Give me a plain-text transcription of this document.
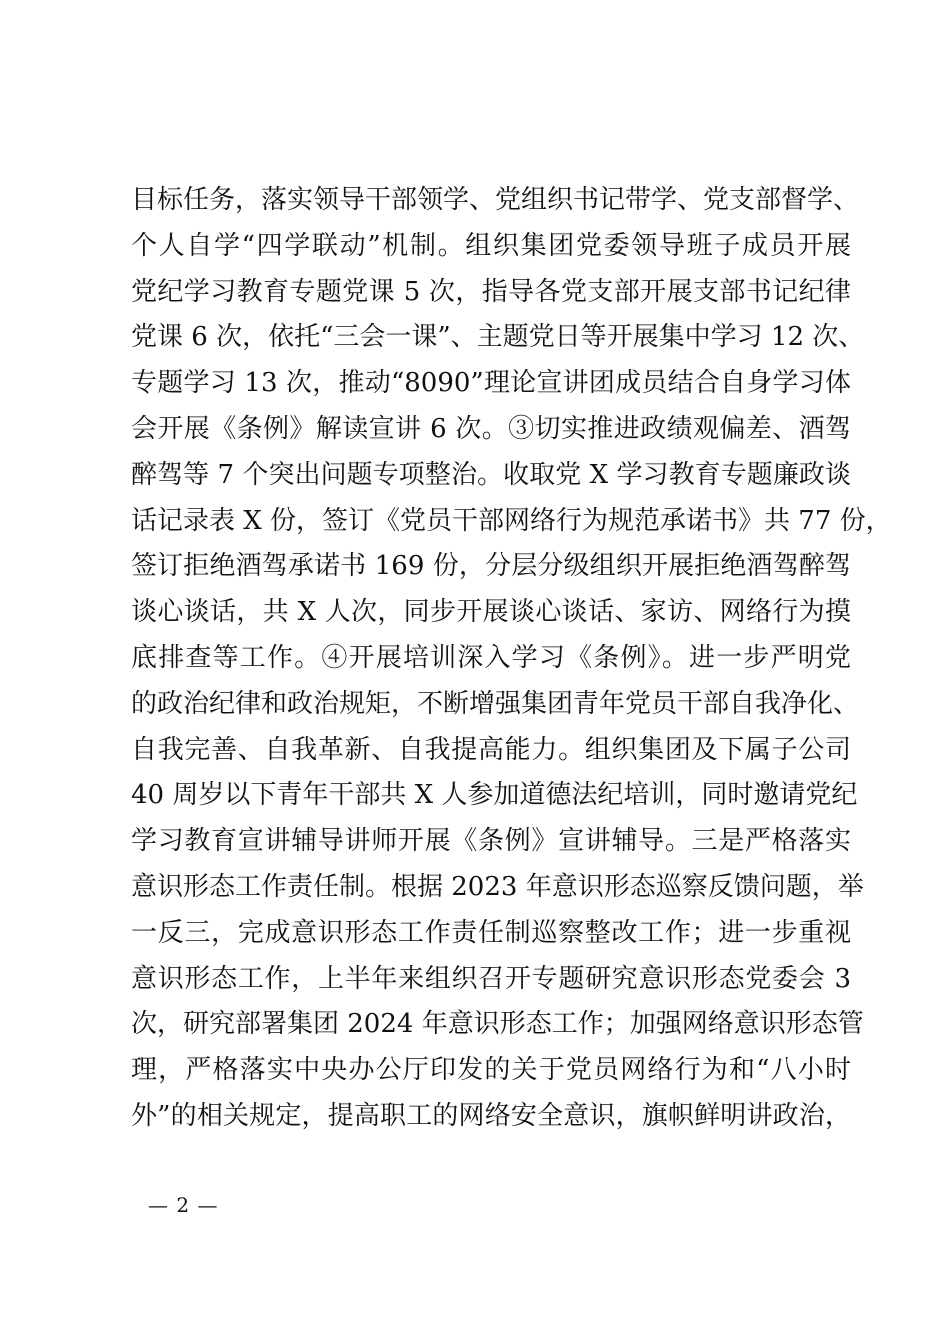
目标任务，落实领导干部领学、党组织书记带学、党支部督学、
个人自学“四学联动”机制。组织集团党委领导班子成员开展
党纪学习教育专题党课 5 次，指导各党支部开展支部书记纪律
党课 6 次，依托“三会一课”、主题党日等开展集中学习 12 次、
专题学习 13 次，推动“8090”理论宣讲团成员结合自身学习体
会开展《条例》解读宣讲 6 次。③切实推进政绩观偏差、酒驾
醉驾等 7 个突出问题专项整治。收取党 X 学习教育专题廉政谈
话记录表 X 份，签订《党员干部网络行为规范承诺书》共 77 份，
签订拒绝酒驾承诺书 169 份，分层分级组织开展拒绝酒驾醉驾
谈心谈话，共 X 人次，同步开展谈心谈话、家访、网络行为摸
底排查等工作。④开展培训深入学习《条例》。进一步严明党
的政治纪律和政治规矩，不断增强集团青年党员干部自我净化、
自我完善、自我革新、自我提高能力。组织集团及下属子公司
40 周岁以下青年干部共 X 人参加道德法纪培训，同时邀请党纪
学习教育宣讲辅导讲师开展《条例》宣讲辅导。三是严格落实
意识形态工作责任制。根据 2023 年意识形态巡察反馈问题，举
一反三，完成意识形态工作责任制巡察整改工作；进一步重视
意识形态工作，上半年来组织召开专题研究意识形态党委会 3
次，研究部署集团 2024 年意识形态工作；加强网络意识形态管
理，严格落实中央办公厅印发的关于党员网络行为和“八小时
外”的相关规定，提高职工的网络安全意识，旗帜鲜明讲政治，
— 2 —
